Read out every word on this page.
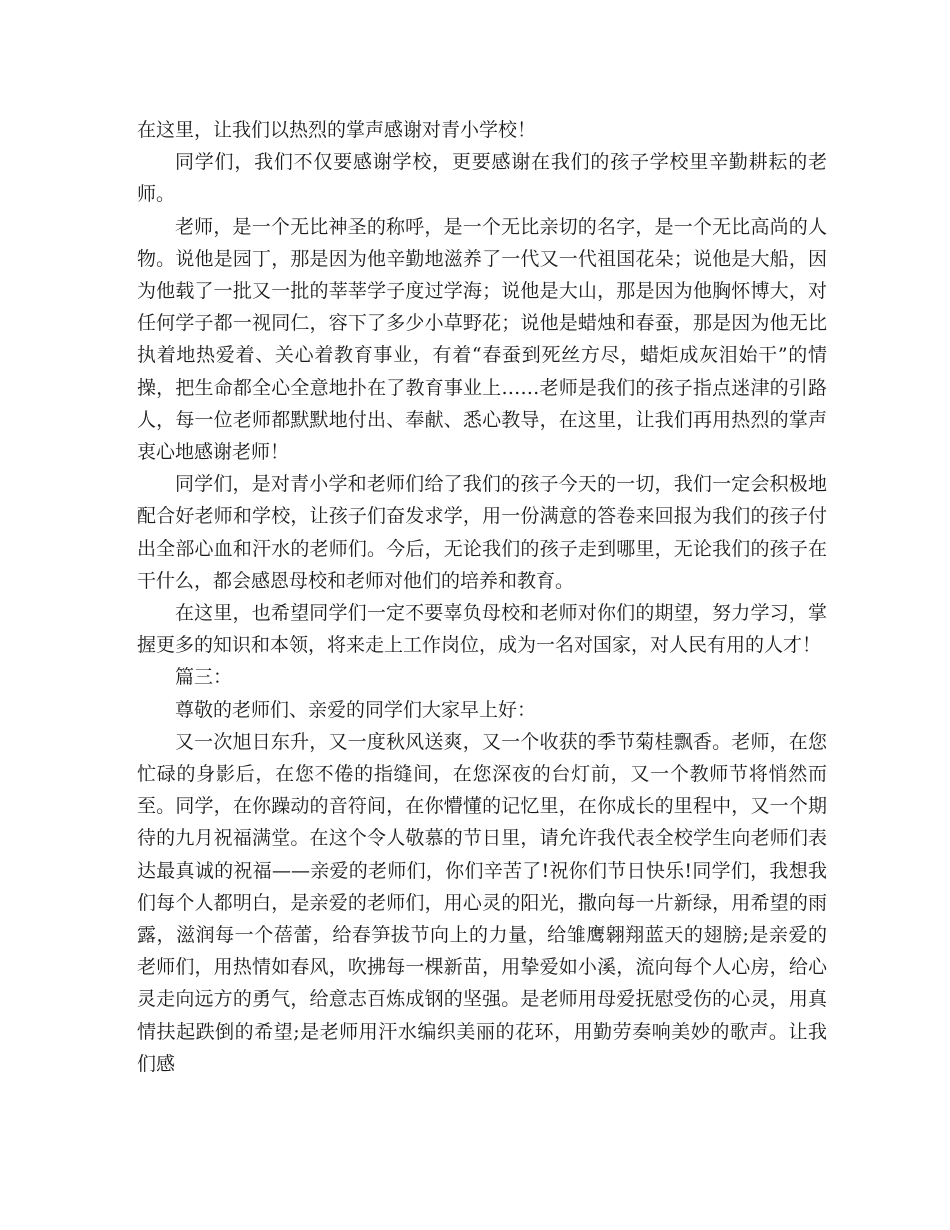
在这里，让我们以热烈的掌声感谢对青小学校！

同学们，我们不仅要感谢学校，更要感谢在我们的孩子学校里辛勤耕耘的老师。

老师，是一个无比神圣的称呼，是一个无比亲切的名字，是一个无比高尚的人物。说他是园丁，那是因为他辛勤地滋养了一代又一代祖国花朵；说他是大船，因为他载了一批又一批的莘莘学子度过学海；说他是大山，那是因为他胸怀博大，对任何学子都一视同仁，容下了多少小草野花；说他是蜡烛和春蚕，那是因为他无比执着地热爱着、关心着教育事业，有着“春蚕到死丝方尽，蜡炬成灰泪始干”的情操，把生命都全心全意地扑在了教育事业上……老师是我们的孩子指点迷津的引路人，每一位老师都默默地付出、奉献、悉心教导，在这里，让我们再用热烈的掌声衷心地感谢老师！

同学们，是对青小学和老师们给了我们的孩子今天的一切，我们一定会积极地配合好老师和学校，让孩子们奋发求学，用一份满意的答卷来回报为我们的孩子付出全部心血和汗水的老师们。今后，无论我们的孩子走到哪里，无论我们的孩子在干什么，都会感恩母校和老师对他们的培养和教育。

在这里，也希望同学们一定不要辜负母校和老师对你们的期望，努力学习，掌握更多的知识和本领，将来走上工作岗位，成为一名对国家，对人民有用的人才！

篇三：

尊敬的老师们、亲爱的同学们大家早上好：

又一次旭日东升，又一度秋风送爽，又一个收获的季节菊桂飘香。老师，在您忙碌的身影后，在您不倦的指缝间，在您深夜的台灯前，又一个教师节将悄然而至。同学，在你躁动的音符间，在你懵懂的记忆里，在你成长的里程中，又一个期待的九月祝福满堂。在这个令人敬慕的节日里，请允许我代表全校学生向老师们表达最真诚的祝福——亲爱的老师们，你们辛苦了!祝你们节日快乐!同学们，我想我们每个人都明白，是亲爱的老师们，用心灵的阳光，撒向每一片新绿，用希望的雨露，滋润每一个蓓蕾，给春笋拔节向上的力量，给雏鹰翱翔蓝天的翅膀;是亲爱的老师们，用热情如春风，吹拂每一棵新苗，用挚爱如小溪，流向每个人心房，给心灵走向远方的勇气，给意志百炼成钢的坚强。是老师用母爱抚慰受伤的心灵，用真情扶起跌倒的希望;是老师用汗水编织美丽的花环，用勤劳奏响美妙的歌声。让我们感
